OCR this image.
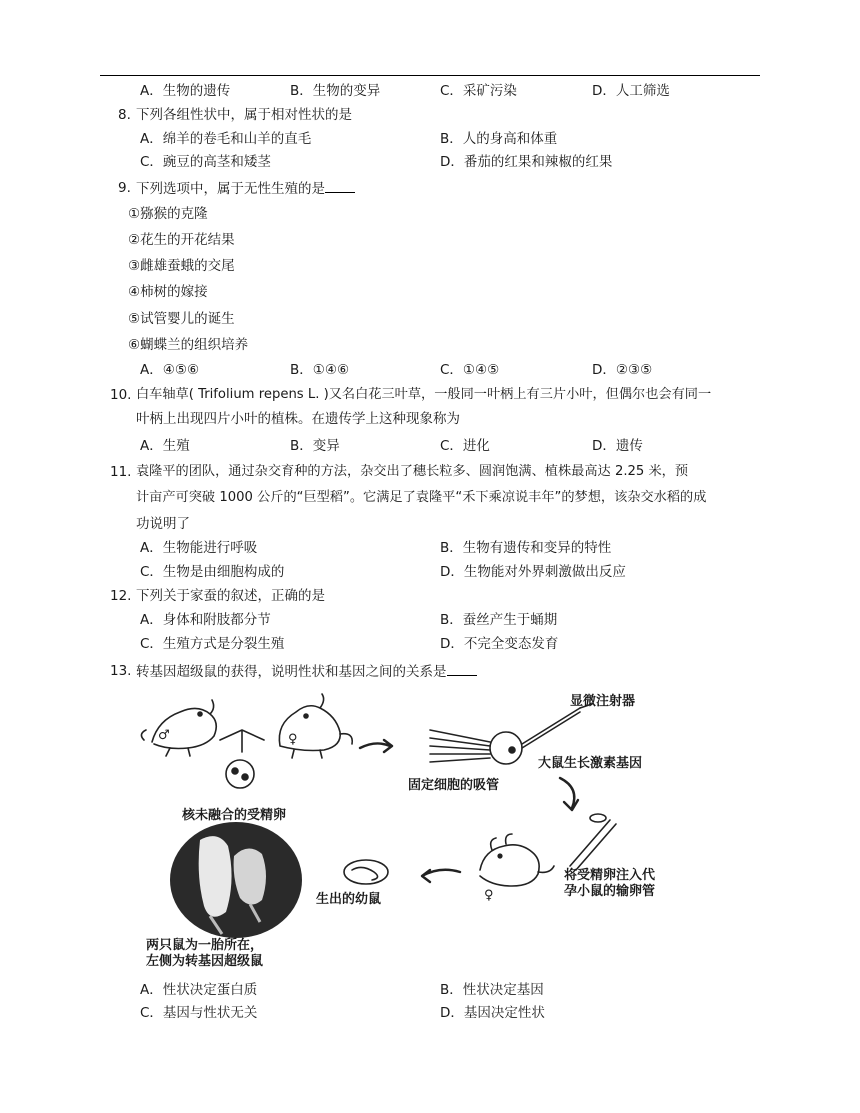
A．生物的遗传	B．生物的变异	C．采矿污染	D．人工筛选
8. 下列各组性状中，属于相对性状的是
A．绵羊的卷毛和山羊的直毛	B．人的身高和体重
C．豌豆的高茎和矮茎	D．番茄的红果和辣椒的红果
9. 下列选项中，属于无性生殖的是
①猕猴的克隆
②花生的开花结果
③雌雄蚕蛾的交尾
④柿树的嫁接
⑤试管婴儿的诞生
⑥蝴蝶兰的组织培养
A．④⑤⑥	B．①④⑥	C．①④⑤	D．②③⑤
10. 白车轴草( Trifolium repens L. )又名白花三叶草，一般同一叶柄上有三片小叶，但偶尔也会有同一
叶柄上出现四片小叶的植株。在遗传学上这种现象称为
A．生殖	B．变异	C．进化	D．遗传
11. 袁隆平的团队，通过杂交育种的方法，杂交出了穗长粒多、圆润饱满、植株最高达 2.25 米，预
计亩产可突破 1000 公斤的“巨型稻”。它满足了袁隆平“禾下乘凉说丰年”的梦想，该杂交水稻的成
功说明了
A．生物能进行呼吸	B．生物有遗传和变异的特性
C．生物是由细胞构成的	D．生物能对外界刺激做出反应
12. 下列关于家蚕的叙述，正确的是
A．身体和附肢都分节	B．蚕丝产生于蛹期
C．生殖方式是分裂生殖	D．不完全变态发育
13. 转基因超级鼠的获得，说明性状和基因之间的关系是
显微注射器
大鼠生长激素基因
固定细胞的吸管
核未融合的受精卵
将受精卵注入代
孕小鼠的输卵管
生出的幼鼠
两只鼠为一胎所在，
左侧为转基因超级鼠
♂	♀
♀
A．性状决定蛋白质	B．性状决定基因
C．基因与性状无关	D．基因决定性状
